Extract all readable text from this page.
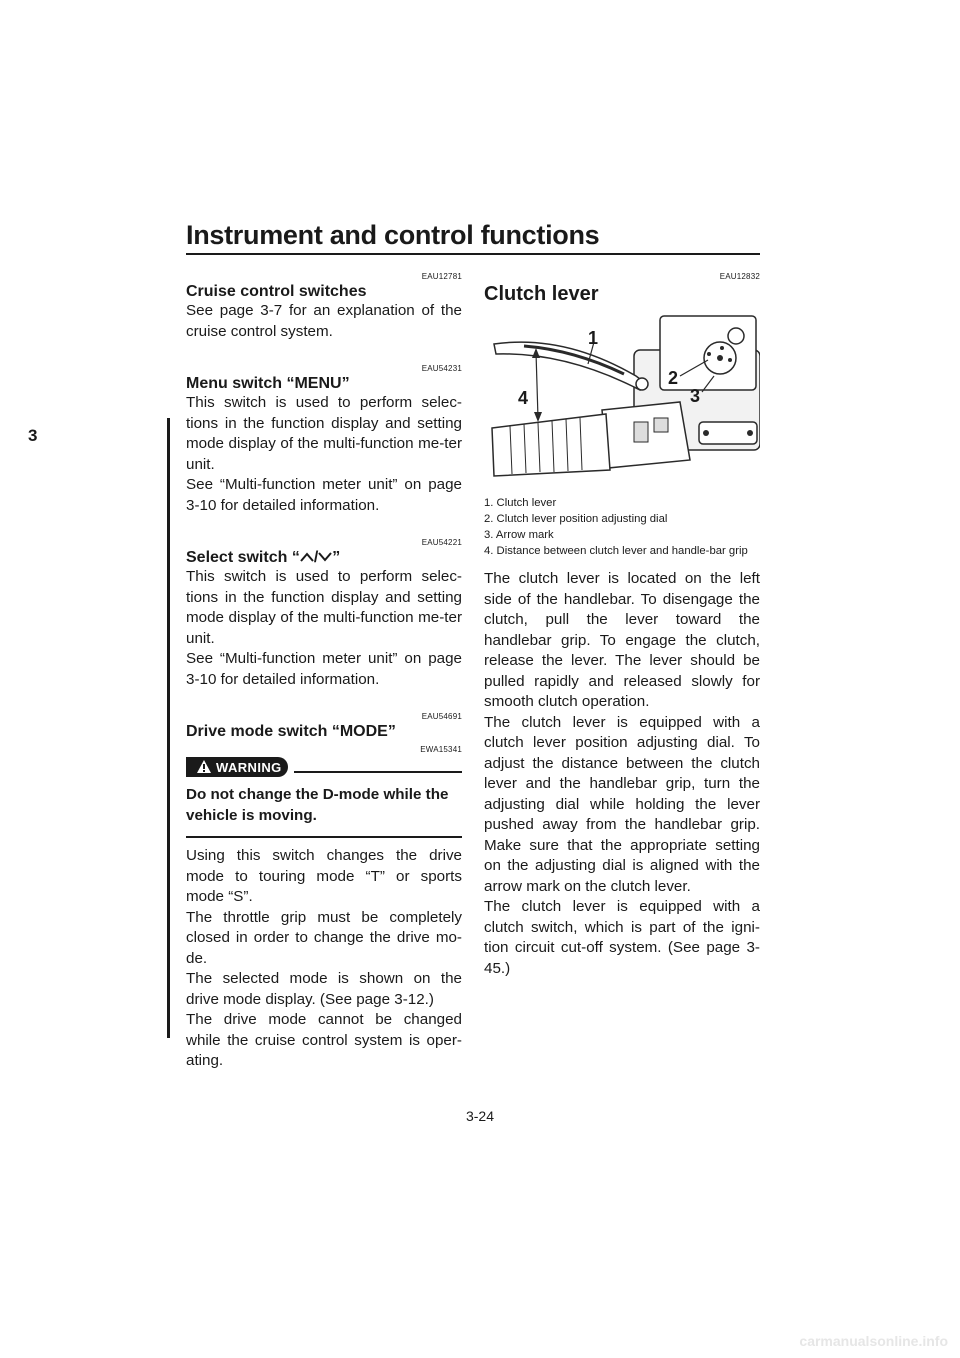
Instrument and control functions
3
EAU12781
Cruise control switches

See page 3-7 for an explanation of the cruise control system.

EAU54231
Menu switch “MENU”

This switch is used to perform selec-tions in the function display and setting mode display of the multi-function me-ter unit.

See “Multi-function meter unit” on page 3-10 for detailed information.

EAU54221
Select switch “ / ”

This switch is used to perform selec-tions in the function display and setting mode display of the multi-function me-ter unit.

See “Multi-function meter unit” on page 3-10 for detailed information.

EAU54691
Drive mode switch “MODE”
EWA15341
WARNING
Do not change the D-mode while the vehicle is moving.

Using this switch changes the drive mode to touring mode “T” or sports mode “S”.

The throttle grip must be completely closed in order to change the drive mo-de.

The selected mode is shown on the drive mode display. (See page 3-12.)

The drive mode cannot be changed while the cruise control system is oper-ating.

EAU12832
Clutch lever
1
2
3
4
1. Clutch lever
2. Clutch lever position adjusting dial
3. Arrow mark
4. Distance between clutch lever and handle-bar grip

The clutch lever is located on the left side of the handlebar. To disengage the clutch, pull the lever toward the handlebar grip. To engage the clutch, release the lever. The lever should be pulled rapidly and released slowly for smooth clutch operation.

The clutch lever is equipped with a clutch lever position adjusting dial. To adjust the distance between the clutch lever and the handlebar grip, turn the adjusting dial while holding the lever pushed away from the handlebar grip. Make sure that the appropriate setting on the adjusting dial is aligned with the arrow mark on the clutch lever.

The clutch lever is equipped with a clutch switch, which is part of the igni-tion circuit cut-off system. (See page 3-45.)

3-24
carmanualsonline.info
